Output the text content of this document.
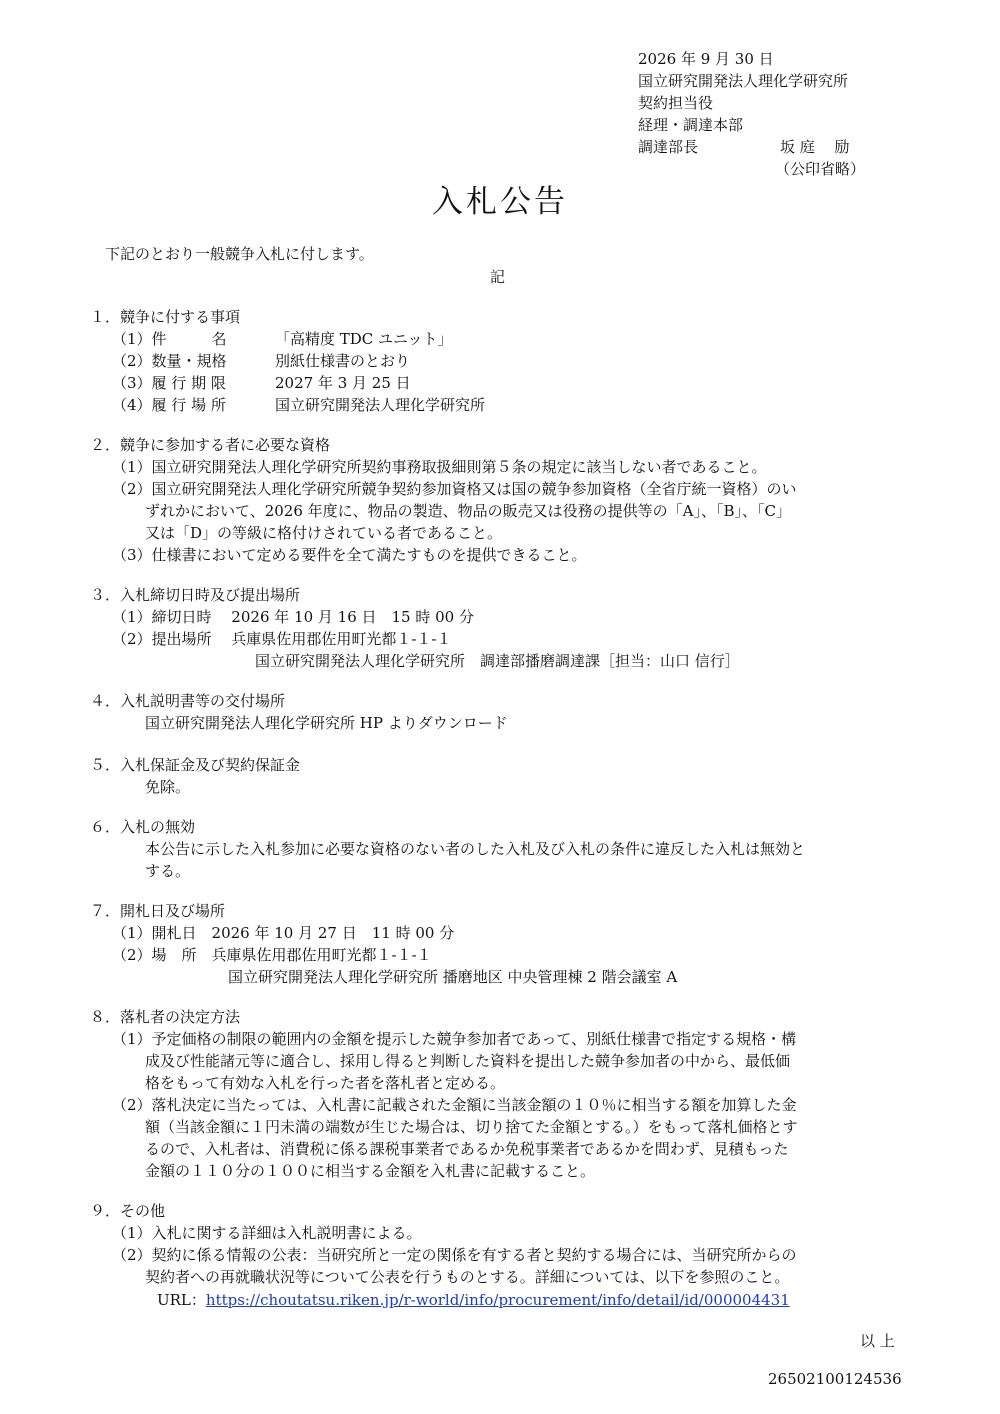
2026 年 9 月 30 日
国立研究開発法人理化学研究所
契約担当役
経理・調達本部
調達部長	坂 庭　 励
（公印省略）
入札公告
下記のとおり一般競争入札に付します。
記
１．競争に付する事項
（1）件　　　名	「高精度 TDC ユニット」
（2）数量・規格	別紙仕様書のとおり
（3）履 行 期 限	2027 年 3 月 25 日
（4）履 行 場 所	国立研究開発法人理化学研究所
２．競争に参加する者に必要な資格
（1）国立研究開発法人理化学研究所契約事務取扱細則第５条の規定に該当しない者であること。
（2）国立研究開発法人理化学研究所競争契約参加資格又は国の競争参加資格（全省庁統一資格）のい
ずれかにおいて、2026 年度に、物品の製造、物品の販売又は役務の提供等の「A」、「B」、「C」
又は「D」の等級に格付けされている者であること。
（3）仕様書において定める要件を全て満たすものを提供できること。
３．入札締切日時及び提出場所
（1）締切日時　 2026 年 10 月 16 日　15 時 00 分
（2）提出場所　 兵庫県佐用郡佐用町光都１‐１‐１
国立研究開発法人理化学研究所　調達部播磨調達課［担当：山口 信行］
４．入札説明書等の交付場所
国立研究開発法人理化学研究所 HP よりダウンロード
５．入札保証金及び契約保証金
免除。
６．入札の無効
本公告に示した入札参加に必要な資格のない者のした入札及び入札の条件に違反した入札は無効と
する。
７．開札日及び場所
（1）開札日　2026 年 10 月 27 日　11 時 00 分
（2）場　所　兵庫県佐用郡佐用町光都１‐１‐１
国立研究開発法人理化学研究所 播磨地区 中央管理棟 2 階会議室 A
８．落札者の決定方法
（1）予定価格の制限の範囲内の金額を提示した競争参加者であって、別紙仕様書で指定する規格・構
成及び性能諸元等に適合し、採用し得ると判断した資料を提出した競争参加者の中から、最低価
格をもって有効な入札を行った者を落札者と定める。
（2）落札決定に当たっては、入札書に記載された金額に当該金額の１０％に相当する額を加算した金
額（当該金額に１円未満の端数が生じた場合は、切り捨てた金額とする。）をもって落札価格とす
るので、入札者は、消費税に係る課税事業者であるか免税事業者であるかを問わず、見積もった
金額の１１０分の１００に相当する金額を入札書に記載すること。
９．その他
（1）入札に関する詳細は入札説明書による。
（2）契約に係る情報の公表：当研究所と一定の関係を有する者と契約する場合には、当研究所からの
契約者への再就職状況等について公表を行うものとする。詳細については、以下を参照のこと。
URL：https://choutatsu.riken.jp/r-world/info/procurement/info/detail/id/000004431
以 上
26502100124536
